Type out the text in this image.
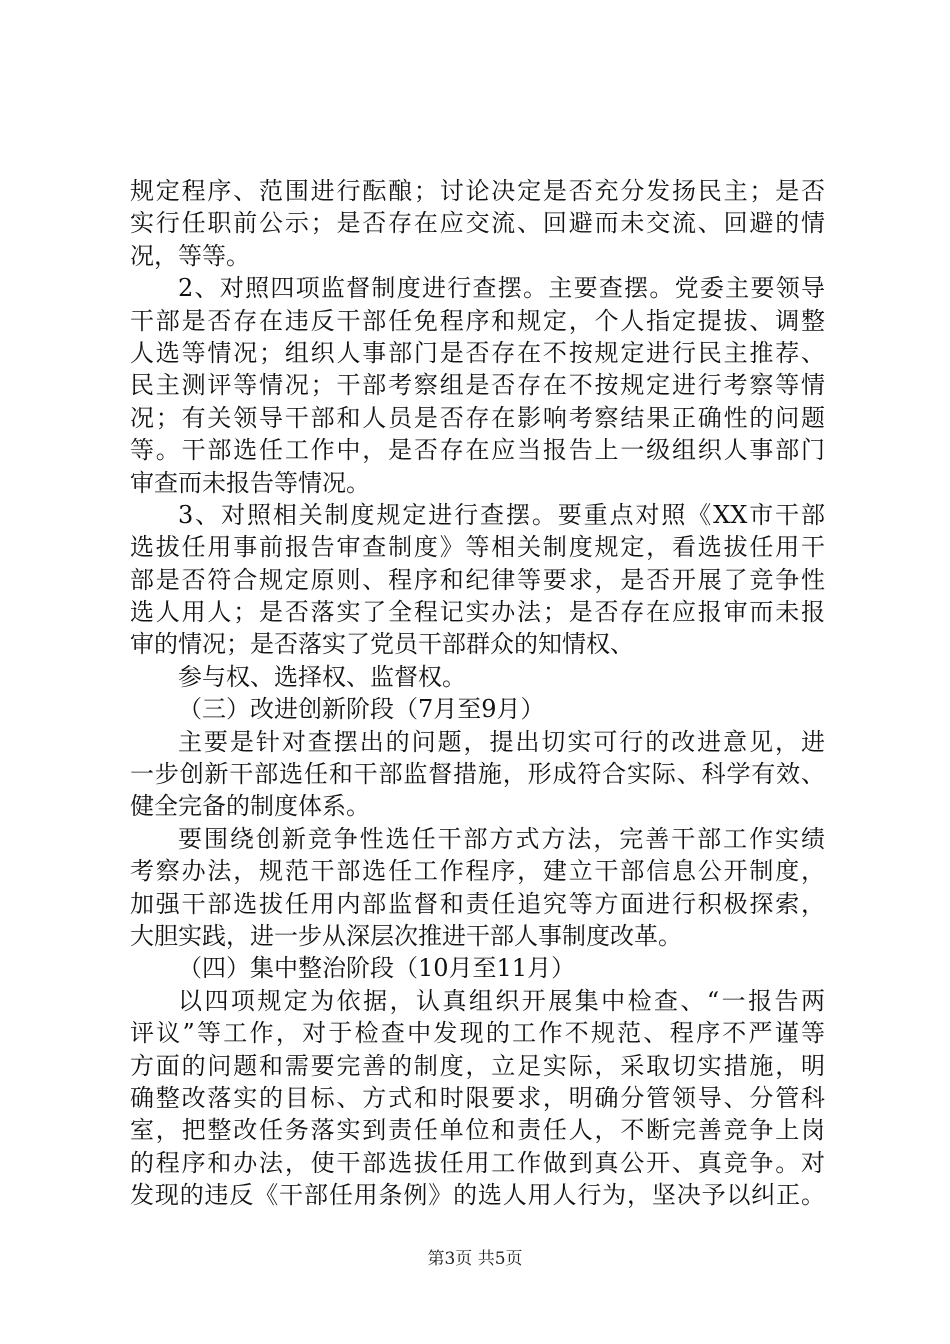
规定程序、范围进行酝酿；讨论决定是否充分发扬民主；是否
实行任职前公示；是否存在应交流、回避而未交流、回避的情
况，等等。
2、对照四项监督制度进行查摆。主要查摆。党委主要领导
干部是否存在违反干部任免程序和规定，个人指定提拔、调整
人选等情况；组织人事部门是否存在不按规定进行民主推荐、
民主测评等情况；干部考察组是否存在不按规定进行考察等情
况；有关领导干部和人员是否存在影响考察结果正确性的问题
等。干部选任工作中，是否存在应当报告上一级组织人事部门
审查而未报告等情况。
3、对照相关制度规定进行查摆。要重点对照《XX市干部
选拔任用事前报告审查制度》等相关制度规定，看选拔任用干
部是否符合规定原则、程序和纪律等要求，是否开展了竞争性
选人用人；是否落实了全程记实办法；是否存在应报审而未报
审的情况；是否落实了党员干部群众的知情权、
参与权、选择权、监督权。
（三）改进创新阶段（7月至9月）
主要是针对查摆出的问题，提出切实可行的改进意见，进
一步创新干部选任和干部监督措施，形成符合实际、科学有效、
健全完备的制度体系。
要围绕创新竞争性选任干部方式方法，完善干部工作实绩
考察办法，规范干部选任工作程序，建立干部信息公开制度，
加强干部选拔任用内部监督和责任追究等方面进行积极探索，
大胆实践，进一步从深层次推进干部人事制度改革。
（四）集中整治阶段（10月至11月）
以四项规定为依据，认真组织开展集中检查、“一报告两
评议”等工作，对于检查中发现的工作不规范、程序不严谨等
方面的问题和需要完善的制度，立足实际，采取切实措施，明
确整改落实的目标、方式和时限要求，明确分管领导、分管科
室，把整改任务落实到责任单位和责任人，不断完善竞争上岗
的程序和办法，使干部选拔任用工作做到真公开、真竞争。对
发现的违反《干部任用条例》的选人用人行为，坚决予以纠正。
第3页 共5页
